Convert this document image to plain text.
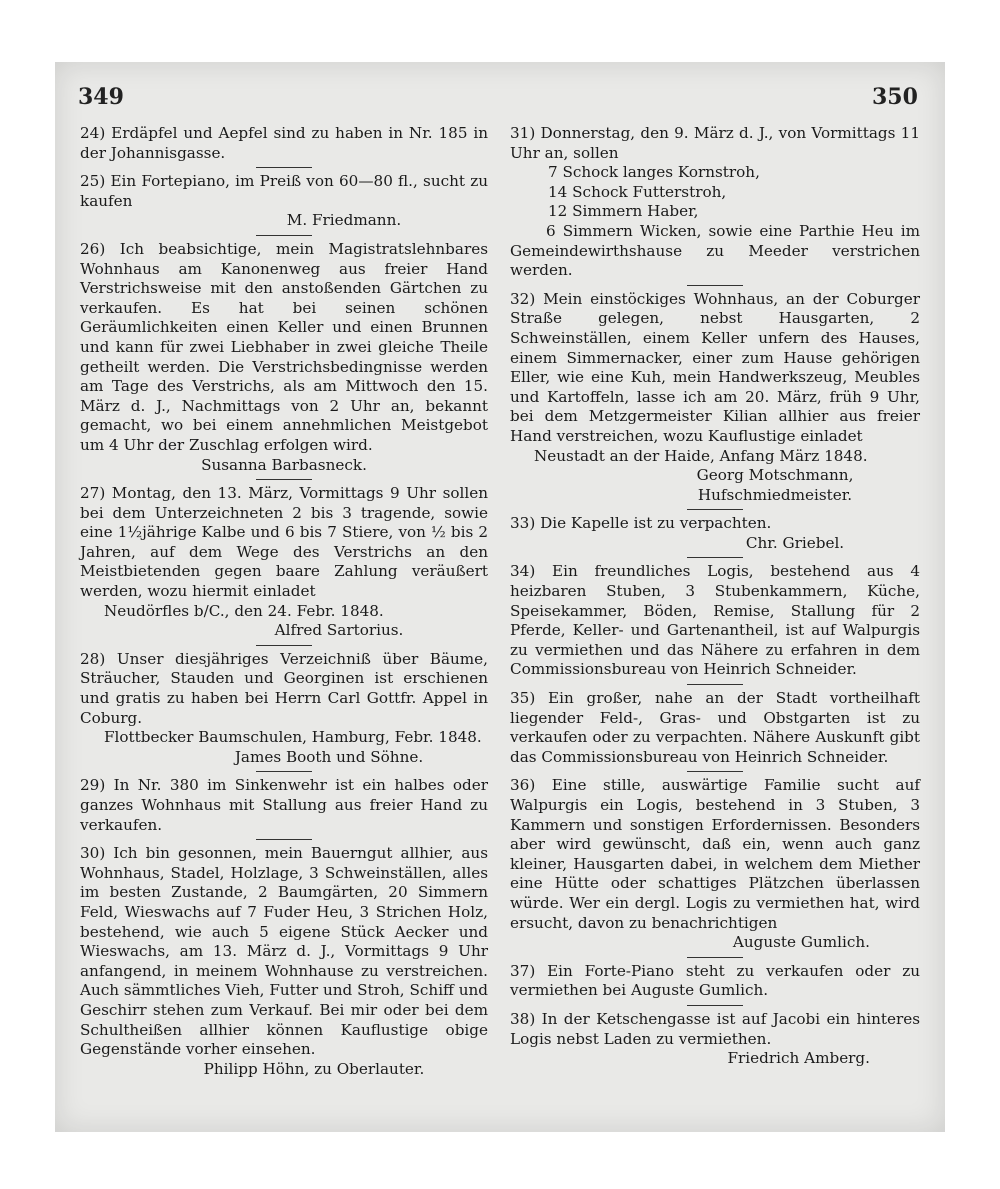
349	350

24) Erdäpfel und Aepfel sind zu haben in Nr. 185 in der Johannisgasse.

25) Ein Fortepiano, im Preiß von 60—80 fl., sucht zu kaufen

M. Friedmann.

26) Ich beabsichtige, mein Magistratslehnbares Wohnhaus am Kanonenweg aus freier Hand Verstrichsweise mit den anstoßenden Gärtchen zu verkaufen. Es hat bei seinen schönen Geräumlichkeiten einen Keller und einen Brunnen und kann für zwei Liebhaber in zwei gleiche Theile getheilt werden. Die Verstrichsbedingnisse werden am Tage des Verstrichs, als am Mittwoch den 15. März d. J., Nachmittags von 2 Uhr an, bekannt gemacht, wo bei einem annehmlichen Meistgebot um 4 Uhr der Zuschlag erfolgen wird.

Susanna Barbasneck.

27) Montag, den 13. März, Vormittags 9 Uhr sollen bei dem Unterzeichneten 2 bis 3 tragende, sowie eine 1½jährige Kalbe und 6 bis 7 Stiere, von ½ bis 2 Jahren, auf dem Wege des Verstrichs an den Meistbietenden gegen baare Zahlung veräußert werden, wozu hiermit einladet

Neudörfles b/C., den 24. Febr. 1848.

Alfred Sartorius.

28) Unser diesjähriges Verzeichniß über Bäume, Sträucher, Stauden und Georginen ist erschienen und gratis zu haben bei Herrn Carl Gottfr. Appel in Coburg.

Flottbecker Baumschulen, Hamburg, Febr. 1848.

James Booth und Söhne.

29) In Nr. 380 im Sinkenwehr ist ein halbes oder ganzes Wohnhaus mit Stallung aus freier Hand zu verkaufen.

30) Ich bin gesonnen, mein Bauerngut allhier, aus Wohnhaus, Stadel, Holzlage, 3 Schweinställen, alles im besten Zustande, 2 Baumgärten, 20 Simmern Feld, Wieswachs auf 7 Fuder Heu, 3 Strichen Holz, bestehend, wie auch 5 eigene Stück Aecker und Wieswachs, am 13. März d. J., Vormittags 9 Uhr anfangend, in meinem Wohnhause zu verstreichen. Auch sämmtliches Vieh, Futter und Stroh, Schiff und Geschirr stehen zum Verkauf. Bei mir oder bei dem Schultheißen allhier können Kauflustige obige Gegenstände vorher einsehen.

Philipp Höhn, zu Oberlauter.

31) Donnerstag, den 9. März d. J., von Vormittags 11 Uhr an, sollen

7 Schock langes Kornstroh,

14 Schock Futterstroh,

12 Simmern Haber,

6 Simmern Wicken, sowie eine Parthie Heu im Gemeindewirthshause zu Meeder verstrichen werden.

32) Mein einstöckiges Wohnhaus, an der Coburger Straße gelegen, nebst Hausgarten, 2 Schweinställen, einem Keller unfern des Hauses, einem Simmernacker, einer zum Hause gehörigen Eller, wie eine Kuh, mein Handwerkszeug, Meubles und Kartoffeln, lasse ich am 20. März, früh 9 Uhr, bei dem Metzgermeister Kilian allhier aus freier Hand verstreichen, wozu Kauflustige einladet

Neustadt an der Haide, Anfang März 1848.

Georg Motschmann,

Hufschmiedmeister.

33) Die Kapelle ist zu verpachten.

Chr. Griebel.

34) Ein freundliches Logis, bestehend aus 4 heizbaren Stuben, 3 Stubenkammern, Küche, Speisekammer, Böden, Remise, Stallung für 2 Pferde, Keller- und Gartenantheil, ist auf Walpurgis zu vermiethen und das Nähere zu erfahren in dem Commissionsbureau von Heinrich Schneider.

35) Ein großer, nahe an der Stadt vortheilhaft liegender Feld-, Gras- und Obstgarten ist zu verkaufen oder zu verpachten. Nähere Auskunft gibt das Commissionsbureau von Heinrich Schneider.

36) Eine stille, auswärtige Familie sucht auf Walpurgis ein Logis, bestehend in 3 Stuben, 3 Kammern und sonstigen Erfordernissen. Besonders aber wird gewünscht, daß ein, wenn auch ganz kleiner, Hausgarten dabei, in welchem dem Miether eine Hütte oder schattiges Plätzchen überlassen würde. Wer ein dergl. Logis zu vermiethen hat, wird ersucht, davon zu benachrichtigen

Auguste Gumlich.

37) Ein Forte-Piano steht zu verkaufen oder zu vermiethen bei Auguste Gumlich.

38) In der Ketschengasse ist auf Jacobi ein hinteres Logis nebst Laden zu vermiethen.

Friedrich Amberg.
